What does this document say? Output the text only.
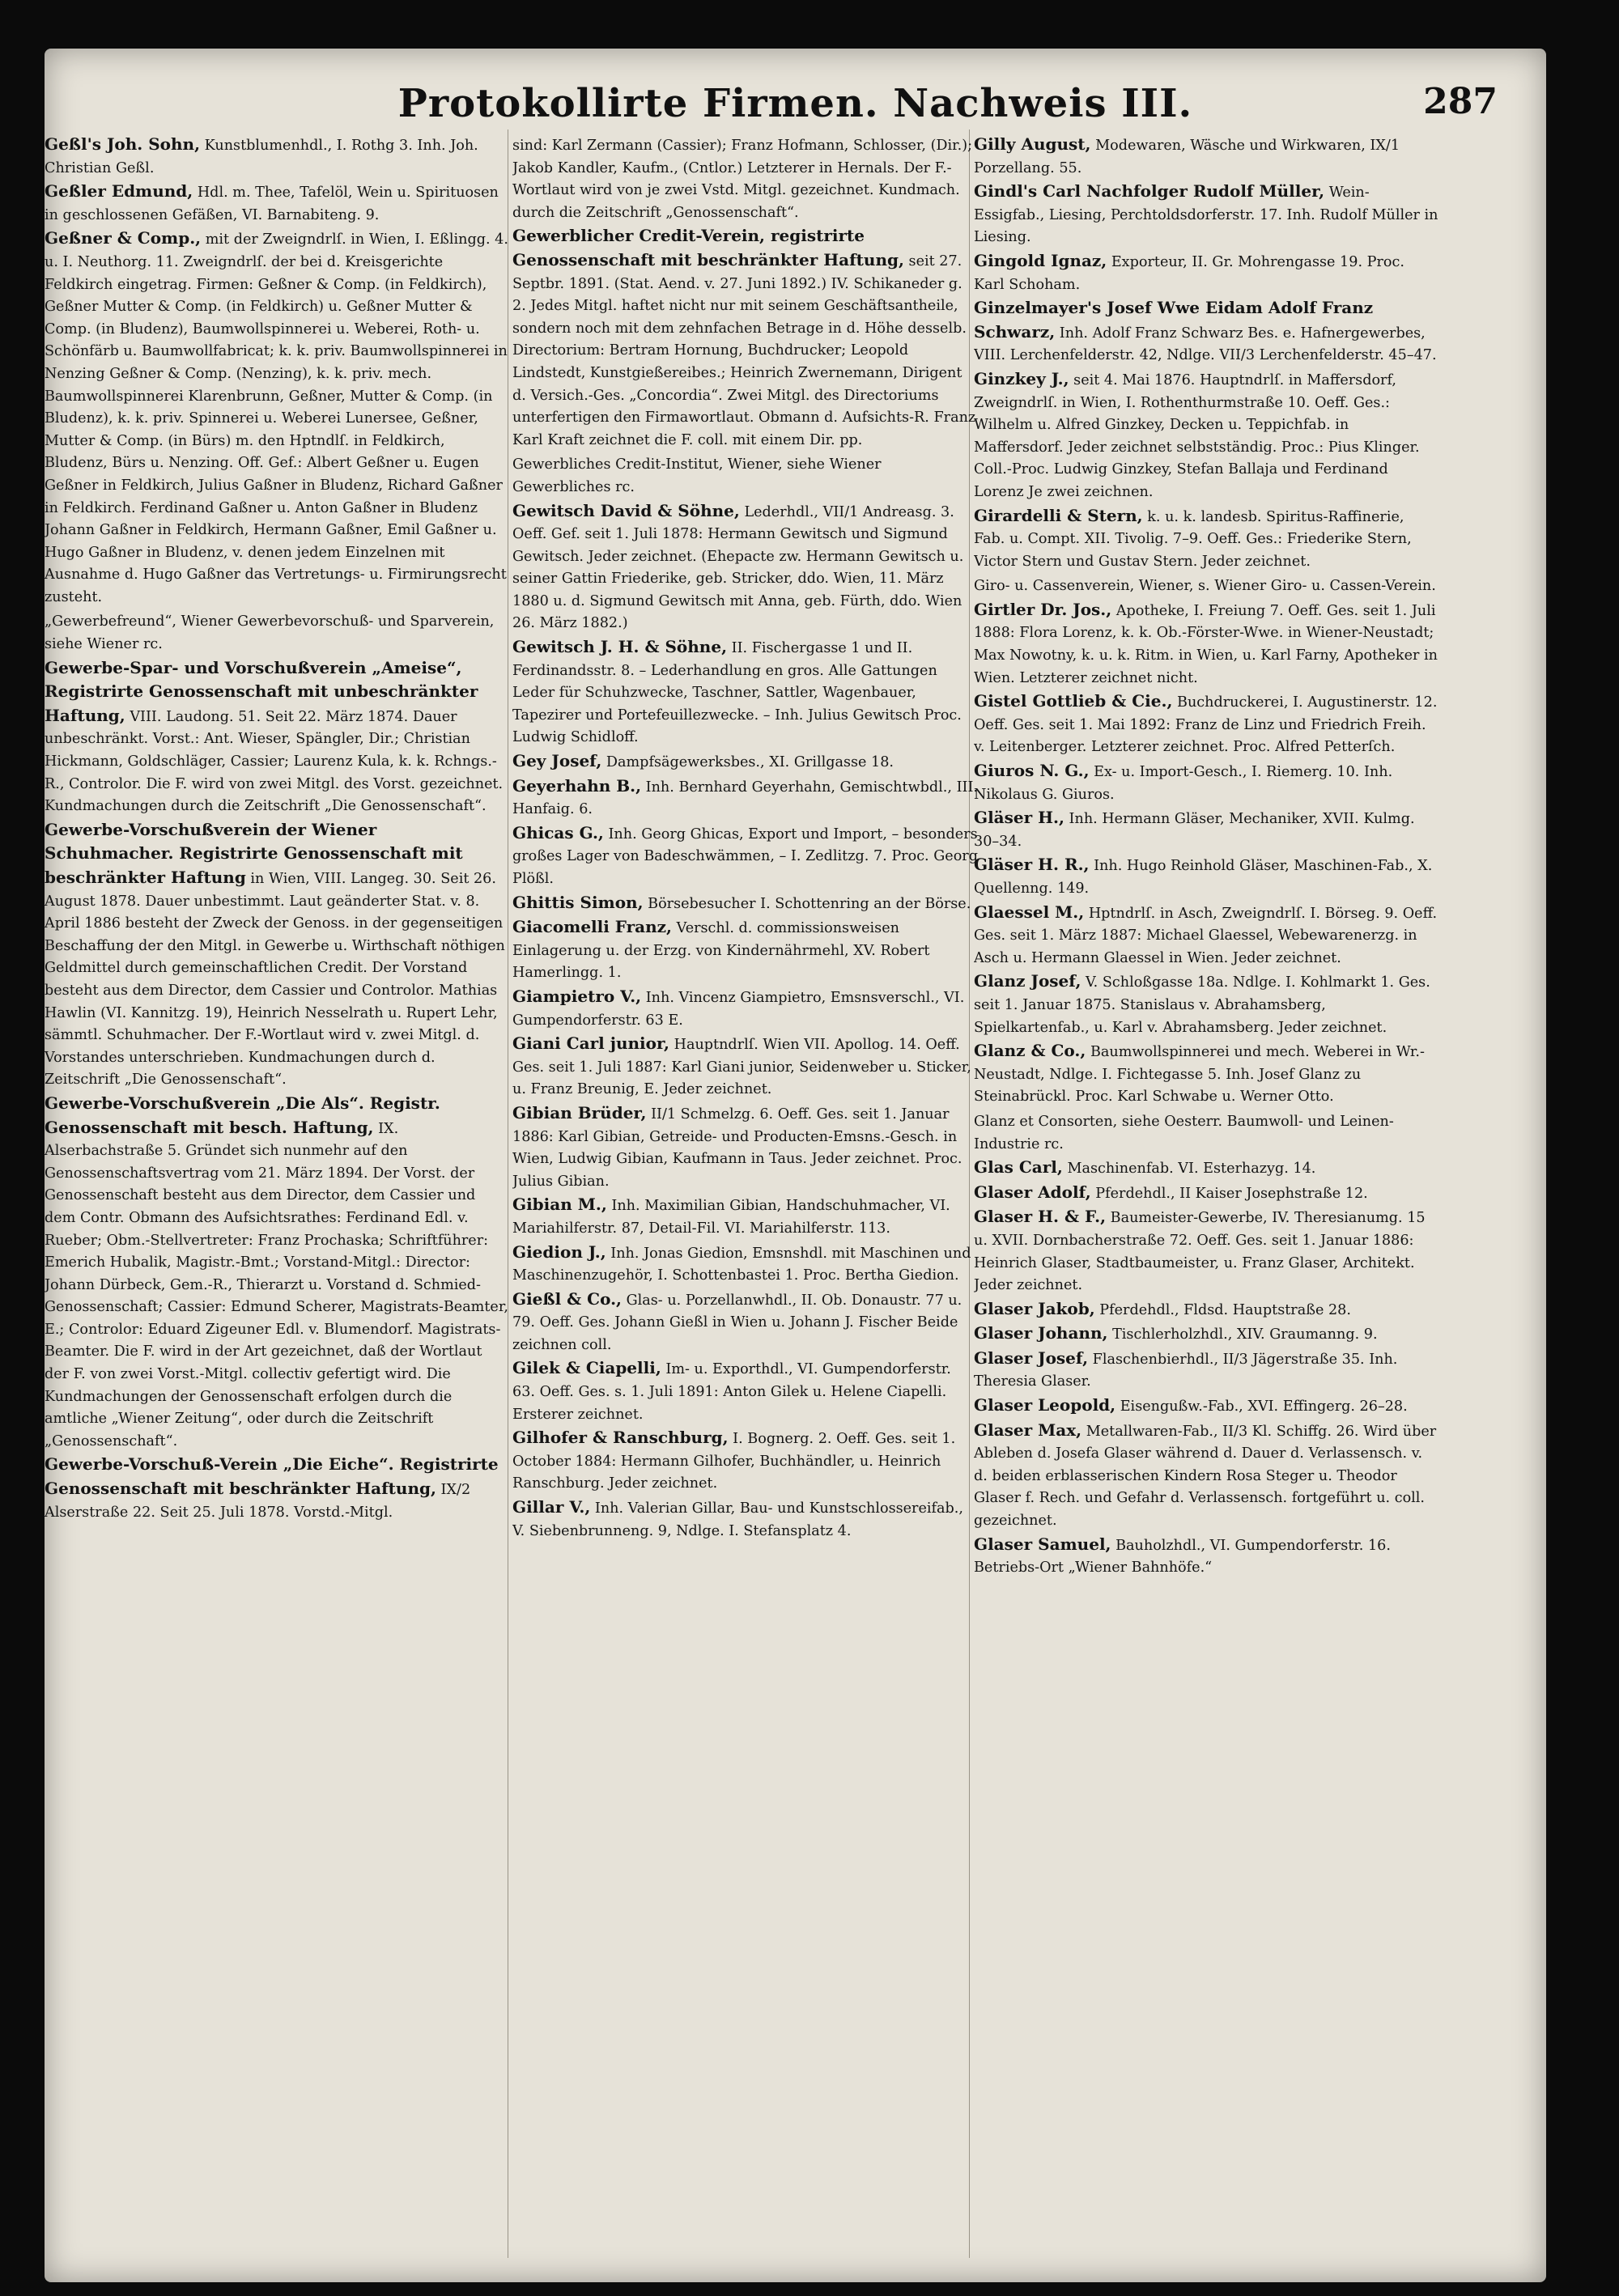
Protokollirte Firmen. Nachweis III.	287
Geßl's Joh. Sohn, Kunstblumenhdl., I. Rothg 3. Inh. Joh. Christian Geßl.
Geßler Edmund, Hdl. m. Thee, Tafelöl, Wein u. Spirituosen in geschlossenen Gefäßen, VI. Barnabiteng. 9.
Geßner & Comp., mit der Zweigndrlſ. in Wien, I. Eßlingg. 4. u. I. Neuthorg. 11. Zweigndrlſ. der bei d. Kreisgerichte Feldkirch eingetrag. Firmen: Geßner & Comp. (in Feldkirch), Geßner Mutter & Comp. (in Feldkirch) u. Geßner Mutter & Comp. (in Bludenz), Baumwollspinnerei u. Weberei, Roth- u. Schönfärb u. Baumwollfabricat; k. k. priv. Baumwollspinnerei in Nenzing Geßner & Comp. (Nenzing), k. k. priv. mech. Baumwollspinnerei Klarenbrunn, Geßner, Mutter & Comp. (in Bludenz), k. k. priv. Spinnerei u. Weberei Lunersee, Geßner, Mutter & Comp. (in Bürs) m. den Hptndlſ. in Feldkirch, Bludenz, Bürs u. Nenzing. Off. Gef.: Albert Geßner u. Eugen Geßner in Feldkirch, Julius Gaßner in Bludenz, Richard Gaßner in Feldkirch. Ferdinand Gaßner u. Anton Gaßner in Bludenz Johann Gaßner in Feldkirch, Hermann Gaßner, Emil Gaßner u. Hugo Gaßner in Bludenz, v. denen jedem Einzelnen mit Ausnahme d. Hugo Gaßner das Vertretungs- u. Firmirungsrecht zusteht.
„Gewerbefreund“, Wiener Gewerbevorschuß- und Sparverein, siehe Wiener rc.
Gewerbe-Spar- und Vorschußverein „Ameise“, Registrirte Genossenschaft mit unbeschränkter Haftung, VIII. Laudong. 51. Seit 22. März 1874. Dauer unbeschränkt. Vorst.: Ant. Wieser, Spängler, Dir.; Christian Hickmann, Goldschläger, Cassier; Laurenz Kula, k. k. Rchngs.-R., Controlor. Die F. wird von zwei Mitgl. des Vorst. gezeichnet. Kundmachungen durch die Zeitschrift „Die Genossenschaft“.
Gewerbe-Vorschußverein der Wiener Schuhmacher. Registrirte Genossenschaft mit beschränkter Haftung in Wien, VIII. Langeg. 30. Seit 26. August 1878. Dauer unbestimmt. Laut geänderter Stat. v. 8. April 1886 besteht der Zweck der Genoss. in der gegenseitigen Beschaffung der den Mitgl. in Gewerbe u. Wirthschaft nöthigen Geldmittel durch gemeinschaftlichen Credit. Der Vorstand besteht aus dem Director, dem Cassier und Controlor. Mathias Hawlin (VI. Kannitzg. 19), Heinrich Nesselrath u. Rupert Lehr, sämmtl. Schuhmacher. Der F.-Wortlaut wird v. zwei Mitgl. d. Vorstandes unterschrieben. Kundmachungen durch d. Zeitschrift „Die Genossenschaft“.
Gewerbe-Vorschußverein „Die Als“. Registr. Genossenschaft mit besch. Haftung, IX. Alserbachstraße 5. Gründet sich nunmehr auf den Genossenschaftsvertrag vom 21. März 1894. Der Vorst. der Genossenschaft besteht aus dem Director, dem Cassier und dem Contr. Obmann des Aufsichtsrathes: Ferdinand Edl. v. Rueber; Obm.-Stellvertreter: Franz Prochaska; Schriftführer: Emerich Hubalik, Magistr.-Bmt.; Vorstand-Mitgl.: Director: Johann Dürbeck, Gem.-R., Thierarzt u. Vorstand d. Schmied-Genossenschaft; Cassier: Edmund Scherer, Magistrats-Beamter, E.; Controlor: Eduard Zigeuner Edl. v. Blumendorf. Magistrats-Beamter. Die F. wird in der Art gezeichnet, daß der Wortlaut der F. von zwei Vorst.-Mitgl. collectiv gefertigt wird. Die Kundmachungen der Genossenschaft erfolgen durch die amtliche „Wiener Zeitung“, oder durch die Zeitschrift „Genossenschaft“.
Gewerbe-Vorschuß-Verein „Die Eiche“. Registrirte Genossenschaft mit beschränkter Haftung, IX/2 Alserstraße 22. Seit 25. Juli 1878. Vorstd.-Mitgl.
sind: Karl Zermann (Cassier); Franz Hofmann, Schlosser, (Dir.); Jakob Kandler, Kaufm., (Cntlor.) Letzterer in Hernals. Der F.-Wortlaut wird von je zwei Vstd. Mitgl. gezeichnet. Kundmach. durch die Zeitschrift „Genossenschaft“.
Gewerblicher Credit-Verein, registrirte Genossenschaft mit beschränkter Haftung, seit 27. Septbr. 1891. (Stat. Aend. v. 27. Juni 1892.) IV. Schikaneder g. 2. Jedes Mitgl. haftet nicht nur mit seinem Geschäftsantheile, sondern noch mit dem zehnfachen Betrage in d. Höhe desselb. Directorium: Bertram Hornung, Buchdrucker; Leopold Lindstedt, Kunstgießereibes.; Heinrich Zwernemann, Dirigent d. Versich.-Ges. „Concordia“. Zwei Mitgl. des Directoriums unterfertigen den Firmawortlaut. Obmann d. Aufsichts-R. Franz Karl Kraft zeichnet die F. coll. mit einem Dir. pp.
Gewerbliches Credit-Institut, Wiener, siehe Wiener Gewerbliches rc.
Gewitsch David & Söhne, Lederhdl., VII/1 Andreasg. 3. Oeff. Gef. seit 1. Juli 1878: Hermann Gewitsch und Sigmund Gewitsch. Jeder zeichnet. (Ehepacte zw. Hermann Gewitsch u. seiner Gattin Friederike, geb. Stricker, ddo. Wien, 11. März 1880 u. d. Sigmund Gewitsch mit Anna, geb. Fürth, ddo. Wien 26. März 1882.)
Gewitsch J. H. & Söhne, II. Fischergasse 1 und II. Ferdinandsstr. 8. – Lederhandlung en gros. Alle Gattungen Leder für Schuhzwecke, Taschner, Sattler, Wagenbauer, Tapezirer und Portefeuillezwecke. – Inh. Julius Gewitsch Proc. Ludwig Schidloff.
Gey Josef, Dampfsägewerksbes., XI. Grillgasse 18.
Geyerhahn B., Inh. Bernhard Geyerhahn, Gemischtwbdl., III. Hanfaig. 6.
Ghicas G., Inh. Georg Ghicas, Export und Import, – besonders großes Lager von Badeschwämmen, – I. Zedlitzg. 7. Proc. Georg Plößl.
Ghittis Simon, Börsebesucher I. Schottenring an der Börse.
Giacomelli Franz, Verschl. d. commissionsweisen Einlagerung u. der Erzg. von Kindernährmehl, XV. Robert Hamerlingg. 1.
Giampietro V., Inh. Vincenz Giampietro, Emsnsverschl., VI. Gumpendorferstr. 63 E.
Giani Carl junior, Hauptndrlſ. Wien VII. Apollog. 14. Oeff. Ges. seit 1. Juli 1887: Karl Giani junior, Seidenweber u. Sticker, u. Franz Breunig, E. Jeder zeichnet.
Gibian Brüder, II/1 Schmelzg. 6. Oeff. Ges. seit 1. Januar 1886: Karl Gibian, Getreide- und Producten-Emsns.-Gesch. in Wien, Ludwig Gibian, Kaufmann in Taus. Jeder zeichnet. Proc. Julius Gibian.
Gibian M., Inh. Maximilian Gibian, Handschuhmacher, VI. Mariahilferstr. 87, Detail-Fil. VI. Mariahilferstr. 113.
Giedion J., Inh. Jonas Giedion, Emsnshdl. mit Maschinen und Maschinenzugehör, I. Schottenbastei 1. Proc. Bertha Giedion.
Gießl & Co., Glas- u. Porzellanwhdl., II. Ob. Donaustr. 77 u. 79. Oeff. Ges. Johann Gießl in Wien u. Johann J. Fischer Beide zeichnen coll.
Gilek & Ciapelli, Im- u. Exporthdl., VI. Gumpendorferstr. 63. Oeff. Ges. s. 1. Juli 1891: Anton Gilek u. Helene Ciapelli. Ersterer zeichnet.
Gilhofer & Ranschburg, I. Bognerg. 2. Oeff. Ges. seit 1. October 1884: Hermann Gilhofer, Buchhändler, u. Heinrich Ranschburg. Jeder zeichnet.
Gillar V., Inh. Valerian Gillar, Bau- und Kunstschlossereifab., V. Siebenbrunneng. 9, Ndlge. I. Stefansplatz 4.
Gilly August, Modewaren, Wäsche und Wirkwaren, IX/1 Porzellang. 55.
Gindl's Carl Nachfolger Rudolf Müller, Wein-Essigfab., Liesing, Perchtoldsdorferstr. 17. Inh. Rudolf Müller in Liesing.
Gingold Ignaz, Exporteur, II. Gr. Mohrengasse 19. Proc. Karl Schoham.
Ginzelmayer's Josef Wwe Eidam Adolf Franz Schwarz, Inh. Adolf Franz Schwarz Bes. e. Hafnergewerbes, VIII. Lerchenfelderstr. 42, Ndlge. VII/3 Lerchenfelderstr. 45–47.
Ginzkey J., seit 4. Mai 1876. Hauptndrlſ. in Maffersdorf, Zweigndrlſ. in Wien, I. Rothenthurmstraße 10. Oeff. Ges.: Wilhelm u. Alfred Ginzkey, Decken u. Teppichfab. in Maffersdorf. Jeder zeichnet selbstständig. Proc.: Pius Klinger. Coll.-Proc. Ludwig Ginzkey, Stefan Ballaja und Ferdinand Lorenz Je zwei zeichnen.
Girardelli & Stern, k. u. k. landesb. Spiritus-Raffinerie, Fab. u. Compt. XII. Tivolig. 7–9. Oeff. Ges.: Friederike Stern, Victor Stern und Gustav Stern. Jeder zeichnet.
Giro- u. Cassenverein, Wiener, s. Wiener Giro- u. Cassen-Verein.
Girtler Dr. Jos., Apotheke, I. Freiung 7. Oeff. Ges. seit 1. Juli 1888: Flora Lorenz, k. k. Ob.-Förster-Wwe. in Wiener-Neustadt; Max Nowotny, k. u. k. Ritm. in Wien, u. Karl Farny, Apotheker in Wien. Letzterer zeichnet nicht.
Gistel Gottlieb & Cie., Buchdruckerei, I. Augustinerstr. 12. Oeff. Ges. seit 1. Mai 1892: Franz de Linz und Friedrich Freih. v. Leitenberger. Letzterer zeichnet. Proc. Alfred Petterſch.
Giuros N. G., Ex- u. Import-Gesch., I. Riemerg. 10. Inh. Nikolaus G. Giuros.
Gläser H., Inh. Hermann Gläser, Mechaniker, XVII. Kulmg. 30–34.
Gläser H. R., Inh. Hugo Reinhold Gläser, Maschinen-Fab., X. Quellenng. 149.
Glaessel M., Hptndrlſ. in Asch, Zweigndrlſ. I. Börseg. 9. Oeff. Ges. seit 1. März 1887: Michael Glaessel, Webewarenerzg. in Asch u. Hermann Glaessel in Wien. Jeder zeichnet.
Glanz Josef, V. Schloßgasse 18a. Ndlge. I. Kohlmarkt 1. Ges. seit 1. Januar 1875. Stanislaus v. Abrahamsberg, Spielkartenfab., u. Karl v. Abrahamsberg. Jeder zeichnet.
Glanz & Co., Baumwollspinnerei und mech. Weberei in Wr.-Neustadt, Ndlge. I. Fichtegasse 5. Inh. Josef Glanz zu Steinabrückl. Proc. Karl Schwabe u. Werner Otto.
Glanz et Consorten, siehe Oesterr. Baumwoll- und Leinen-Industrie rc.
Glas Carl, Maschinenfab. VI. Esterhazyg. 14.
Glaser Adolf, Pferdehdl., II Kaiser Josephstraße 12.
Glaser H. & F., Baumeister-Gewerbe, IV. Theresianumg. 15 u. XVII. Dornbacherstraße 72. Oeff. Ges. seit 1. Januar 1886: Heinrich Glaser, Stadtbaumeister, u. Franz Glaser, Architekt. Jeder zeichnet.
Glaser Jakob, Pferdehdl., Fldsd. Hauptstraße 28.
Glaser Johann, Tischlerholzhdl., XIV. Graumanng. 9.
Glaser Josef, Flaschenbierhdl., II/3 Jägerstraße 35. Inh. Theresia Glaser.
Glaser Leopold, Eisengußw.-Fab., XVI. Effingerg. 26–28.
Glaser Max, Metallwaren-Fab., II/3 Kl. Schiffg. 26. Wird über Ableben d. Josefa Glaser während d. Dauer d. Verlassensch. v. d. beiden erblasserischen Kindern Rosa Steger u. Theodor Glaser f. Rech. und Gefahr d. Verlassensch. fortgeführt u. coll. gezeichnet.
Glaser Samuel, Bauholzhdl., VI. Gumpendorferstr. 16. Betriebs-Ort „Wiener Bahnhöfe.“
